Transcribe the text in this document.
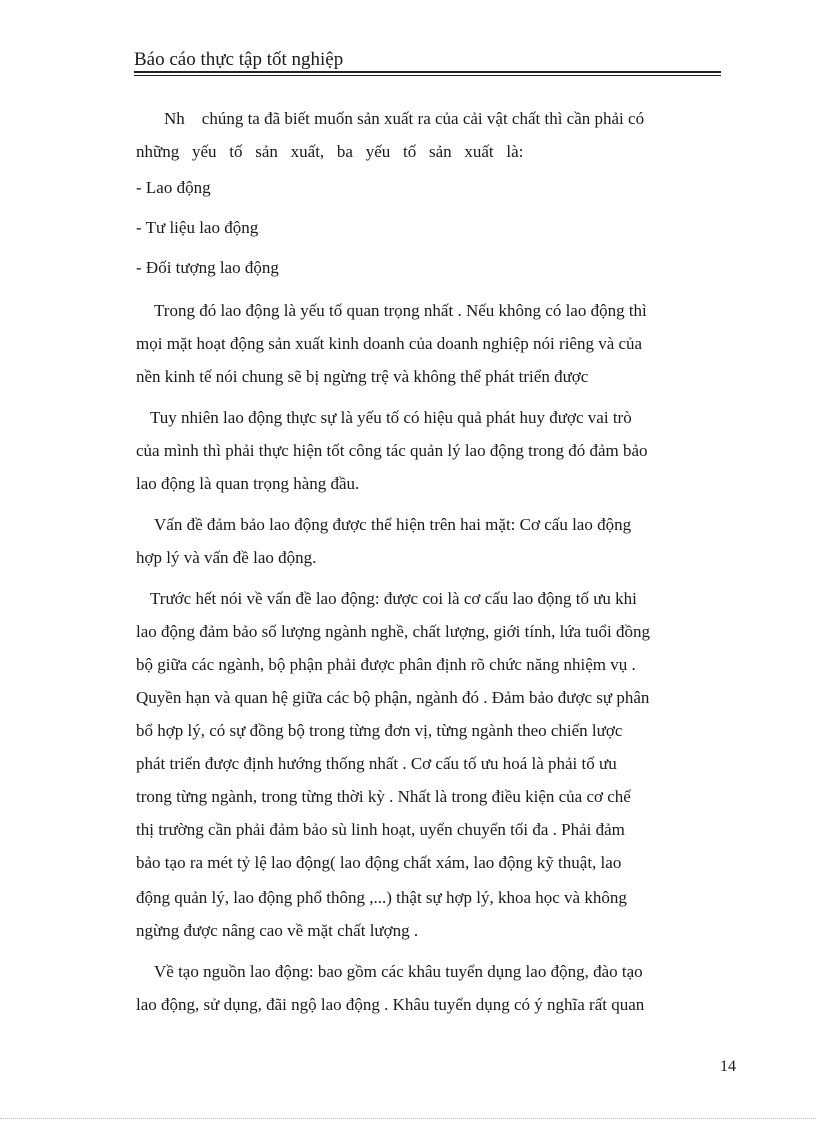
Báo cáo thực tập tốt nghiệp
Nh    chúng ta đã biết muốn sản xuất ra của cải vật chất thì cần phải có
những   yếu   tố   sản   xuất,   ba   yếu   tố   sản   xuất   là:
- Lao động
- Tư liệu lao động
- Đối tượng lao động
Trong đó lao động là yếu tố quan trọng nhất . Nếu không có lao động thì
mọi mặt hoạt động sản xuất kinh doanh của doanh nghiệp nói riêng và của
nền kinh tế nói chung sẽ bị ngừng trệ và không thể phát triển được
Tuy nhiên lao động thực sự là yếu tố có hiệu quả phát huy được vai trò
của mình thì phải thực hiện tốt công tác quản lý lao động trong đó đảm bảo
lao động là quan trọng hàng đầu.
Vấn đề đảm bảo lao động được thể hiện trên hai mặt: Cơ cấu lao động
hợp lý và vấn đề lao động.
Trước hết nói về vấn đề lao động: được coi là cơ cấu lao động tố ưu khi
lao động đảm bảo số lượng ngành nghề, chất lượng, giới tính, lứa tuổi đồng
bộ giữa các ngành, bộ phận phải được phân định rõ chức năng nhiệm vụ .
Quyền hạn và quan hệ giữa các bộ phận, ngành đó . Đảm bảo được sự phân
bổ hợp lý, có sự đồng bộ trong từng đơn vị, từng ngành theo chiến lược
phát triển được định hướng thống nhất . Cơ cấu tố ưu hoá là phải tố ưu
trong từng ngành, trong từng thời kỳ . Nhất là trong điều kiện của cơ chế
thị trường cần phải đảm bảo sù linh hoạt, uyển chuyển tối đa . Phải đảm
bảo tạo ra mét tỷ lệ lao động( lao động chất xám, lao động kỹ thuật, lao
động quản lý, lao động phổ thông ,...) thật sự hợp lý, khoa học và không
ngừng được nâng cao về mặt chất lượng .
Về tạo nguồn lao động: bao gồm các khâu tuyển dụng lao động, đào tạo
lao động, sử dụng, đãi ngộ lao động . Khâu tuyển dụng có ý nghĩa rất quan
14
